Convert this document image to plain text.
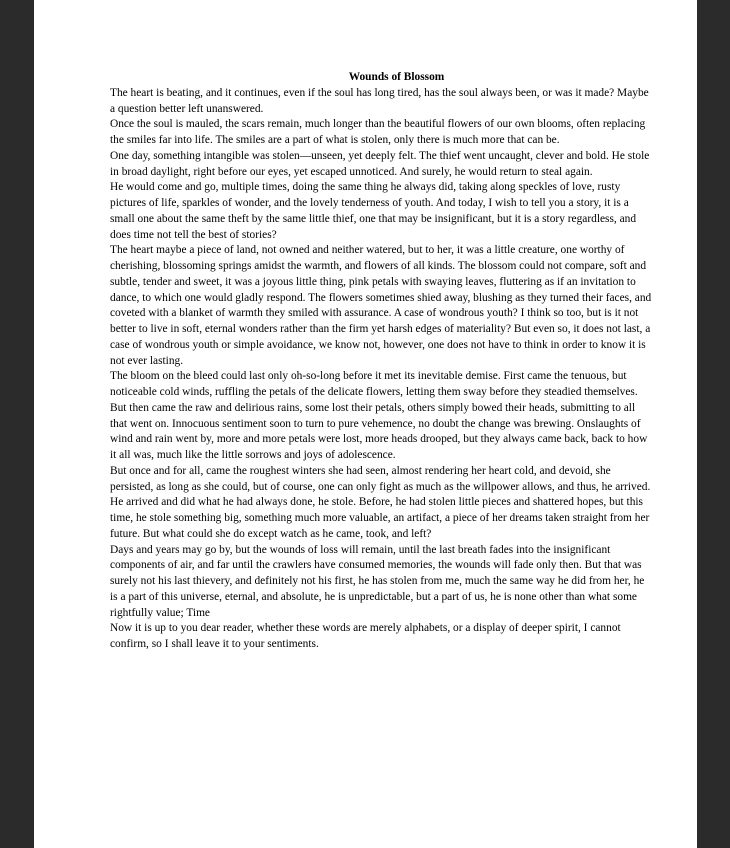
Wounds of Blossom

The heart is beating, and it continues, even if the soul has long tired, has the soul always been, or was it made? Maybe a question better left unanswered.

Once the soul is mauled, the scars remain, much longer than the beautiful flowers of our own blooms, often replacing the smiles far into life. The smiles are a part of what is stolen, only there is much more that can be.

One day, something intangible was stolen—unseen, yet deeply felt. The thief went uncaught, clever and bold. He stole in broad daylight, right before our eyes, yet escaped unnoticed. And surely, he would return to steal again.

He would come and go, multiple times, doing the same thing he always did, taking along speckles of love, rusty pictures of life, sparkles of wonder, and the lovely tenderness of youth. And today, I wish to tell you a story, it is a small one about the same theft by the same little thief, one that may be insignificant, but it is a story regardless, and does time not tell the best of stories?

The heart maybe a piece of land, not owned and neither watered, but to her, it was a little creature, one worthy of cherishing, blossoming springs amidst the warmth, and flowers of all kinds. The blossom could not compare, soft and subtle, tender and sweet, it was a joyous little thing, pink petals with swaying leaves, fluttering as if an invitation to dance, to which one would gladly respond. The flowers sometimes shied away, blushing as they turned their faces, and coveted with a blanket of warmth they smiled with assurance. A case of wondrous youth? I think so too, but is it not better to live in soft, eternal wonders rather than the firm yet harsh edges of materiality? But even so, it does not last, a case of wondrous youth or simple avoidance, we know not, however, one does not have to think in order to know it is not ever lasting.

The bloom on the bleed could last only oh-so-long before it met its inevitable demise. First came the tenuous, but noticeable cold winds, ruffling the petals of the delicate flowers, letting them sway before they steadied themselves. But then came the raw and delirious rains, some lost their petals, others simply bowed their heads, submitting to all that went on. Innocuous sentiment soon to turn to pure vehemence, no doubt the change was brewing. Onslaughts of wind and rain went by, more and more petals were lost, more heads drooped, but they always came back, back to how it all was, much like the little sorrows and joys of adolescence.

But once and for all, came the roughest winters she had seen, almost rendering her heart cold, and devoid, she persisted, as long as she could, but of course, one can only fight as much as the willpower allows, and thus, he arrived. He arrived and did what he had always done, he stole. Before, he had stolen little pieces and shattered hopes, but this time, he stole something big, something much more valuable, an artifact, a piece of her dreams taken straight from her future. But what could she do except watch as he came, took, and left?

Days and years may go by, but the wounds of loss will remain, until the last breath fades into the insignificant components of air, and far until the crawlers have consumed memories, the wounds will fade only then. But that was surely not his last thievery, and definitely not his first, he has stolen from me, much the same way he did from her, he is a part of this universe, eternal, and absolute, he is unpredictable, but a part of us, he is none other than what some rightfully value; Time

Now it is up to you dear reader, whether these words are merely alphabets, or a display of deeper spirit, I cannot confirm, so I shall leave it to your sentiments.
